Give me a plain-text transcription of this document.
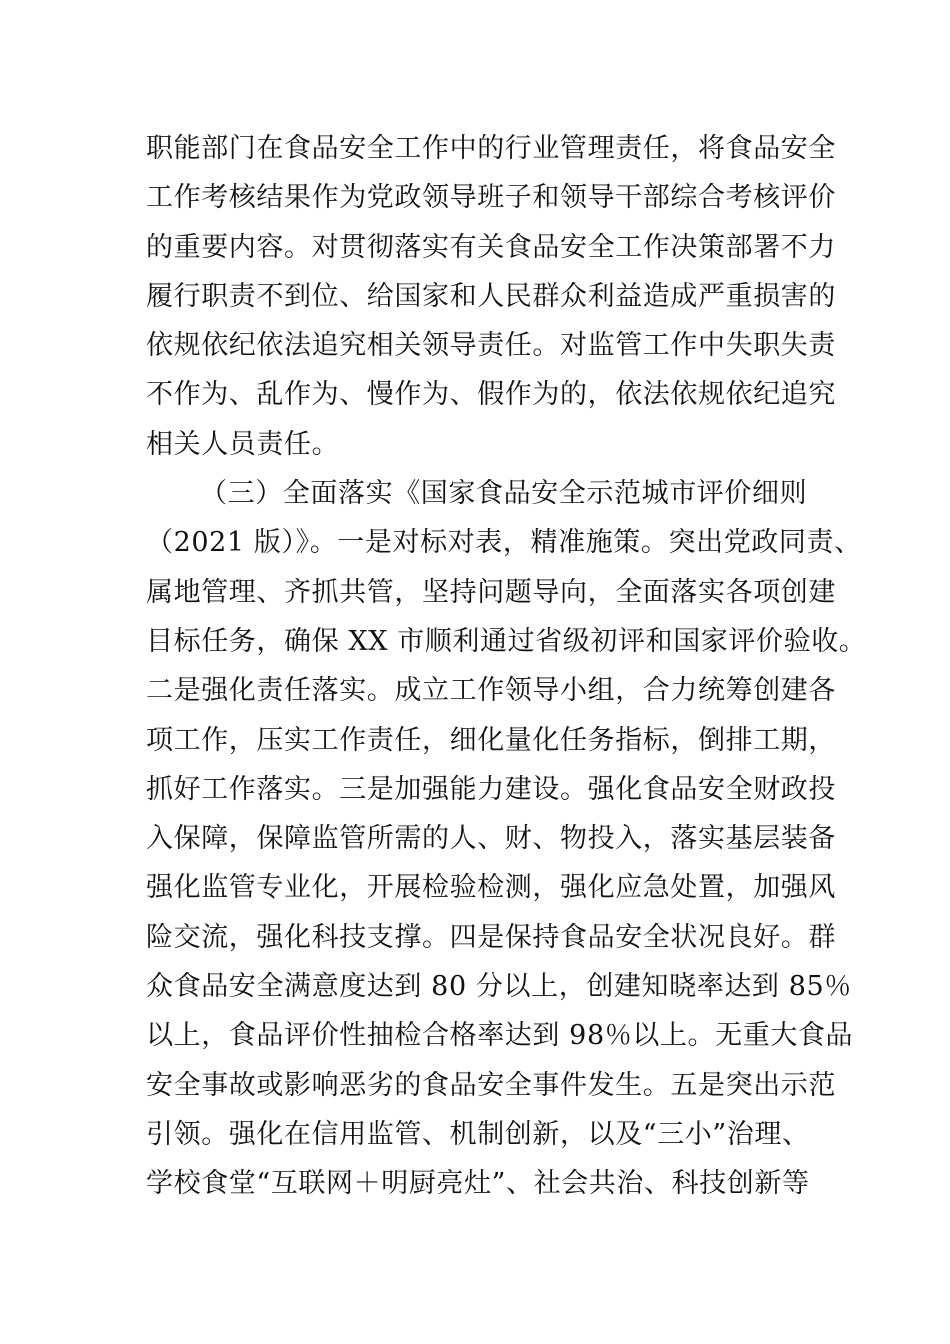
职能部门在食品安全工作中的行业管理责任，将食品安全
工作考核结果作为党政领导班子和领导干部综合考核评价
的重要内容。对贯彻落实有关食品安全工作决策部署不力
履行职责不到位、给国家和人民群众利益造成严重损害的
依规依纪依法追究相关领导责任。对监管工作中失职失责
不作为、乱作为、慢作为、假作为的，依法依规依纪追究
相关人员责任。
（三）全面落实《国家食品安全示范城市评价细则
（2021 版）》。一是对标对表，精准施策。突出党政同责、
属地管理、齐抓共管，坚持问题导向，全面落实各项创建
目标任务，确保 XX 市顺利通过省级初评和国家评价验收。
二是强化责任落实。成立工作领导小组，合力统筹创建各
项工作，压实工作责任，细化量化任务指标，倒排工期，
抓好工作落实。三是加强能力建设。强化食品安全财政投
入保障，保障监管所需的人、财、物投入，落实基层装备
强化监管专业化，开展检验检测，强化应急处置，加强风
险交流，强化科技支撑。四是保持食品安全状况良好。群
众食品安全满意度达到 80 分以上，创建知晓率达到 85％
以上，食品评价性抽检合格率达到 98％以上。无重大食品
安全事故或影响恶劣的食品安全事件发生。五是突出示范
引领。强化在信用监管、机制创新，以及“三小”治理、
学校食堂“互联网＋明厨亮灶”、社会共治、科技创新等
